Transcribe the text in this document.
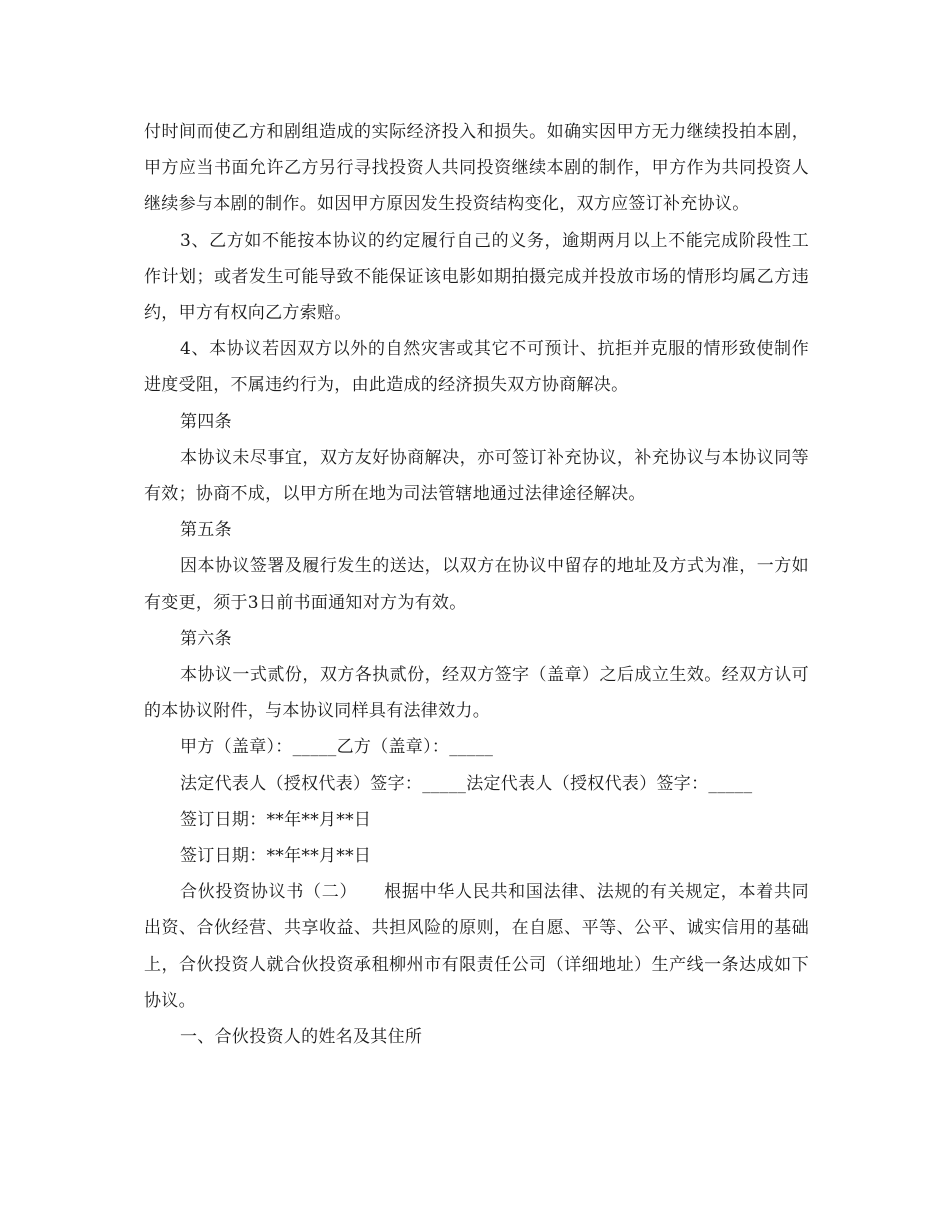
付时间而使乙方和剧组造成的实际经济投入和损失。如确实因甲方无力继续投拍本剧，甲方应当书面允许乙方另行寻找投资人共同投资继续本剧的制作，甲方作为共同投资人继续参与本剧的制作。如因甲方原因发生投资结构变化，双方应签订补充协议。

3、乙方如不能按本协议的约定履行自己的义务，逾期两月以上不能完成阶段性工作计划；或者发生可能导致不能保证该电影如期拍摄完成并投放市场的情形均属乙方违约，甲方有权向乙方索赔。

4、本协议若因双方以外的自然灾害或其它不可预计、抗拒并克服的情形致使制作进度受阻，不属违约行为，由此造成的经济损失双方协商解决。

第四条

本协议未尽事宜，双方友好协商解决，亦可签订补充协议，补充协议与本协议同等有效；协商不成，以甲方所在地为司法管辖地通过法律途径解决。

第五条

因本协议签署及履行发生的送达，以双方在协议中留存的地址及方式为准，一方如有变更，须于3日前书面通知对方为有效。

第六条

本协议一式贰份，双方各执贰份，经双方签字（盖章）之后成立生效。经双方认可的本协议附件，与本协议同样具有法律效力。

甲方（盖章）：_____乙方（盖章）：_____

法定代表人（授权代表）签字：_____法定代表人（授权代表）签字：_____

签订日期：**年**月**日

签订日期：**年**月**日

合伙投资协议书（二）　　根据中华人民共和国法律、法规的有关规定，本着共同出资、合伙经营、共享收益、共担风险的原则，在自愿、平等、公平、诚实信用的基础上，合伙投资人就合伙投资承租柳州市有限责任公司（详细地址）生产线一条达成如下协议。

一、合伙投资人的姓名及其住所
